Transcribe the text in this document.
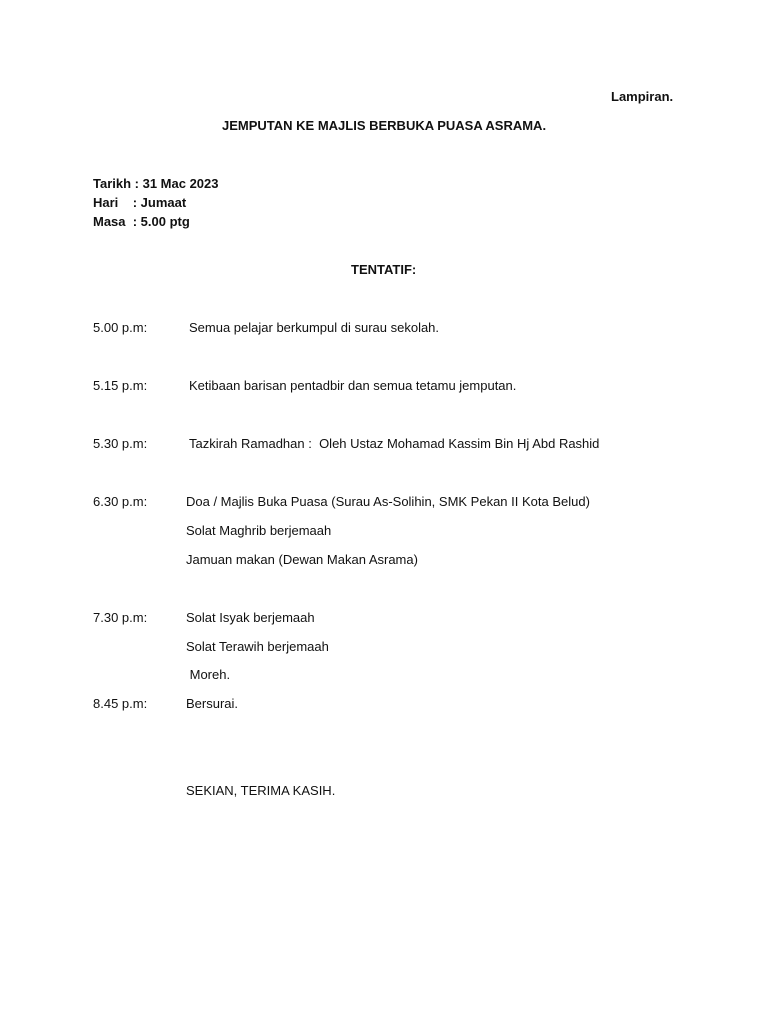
Lampiran.
JEMPUTAN KE MAJLIS BERBUKA PUASA ASRAMA.
Tarikh : 31 Mac 2023
Hari    : Jumaat
Masa  : 5.00 ptg
TENTATIF:
5.00 p.m:	Semua pelajar berkumpul di surau sekolah.
5.15 p.m:	Ketibaan barisan pentadbir dan semua tetamu jemputan.
5.30 p.m:	Tazkirah Ramadhan :  Oleh Ustaz Mohamad Kassim Bin Hj Abd Rashid
6.30 p.m:	Doa / Majlis Buka Puasa (Surau As-Solihin, SMK Pekan II Kota Belud)
Solat Maghrib berjemaah
Jamuan makan (Dewan Makan Asrama)
7.30 p.m:	Solat Isyak berjemaah
Solat Terawih berjemaah
Moreh.
8.45 p.m:	Bersurai.
SEKIAN, TERIMA KASIH.
